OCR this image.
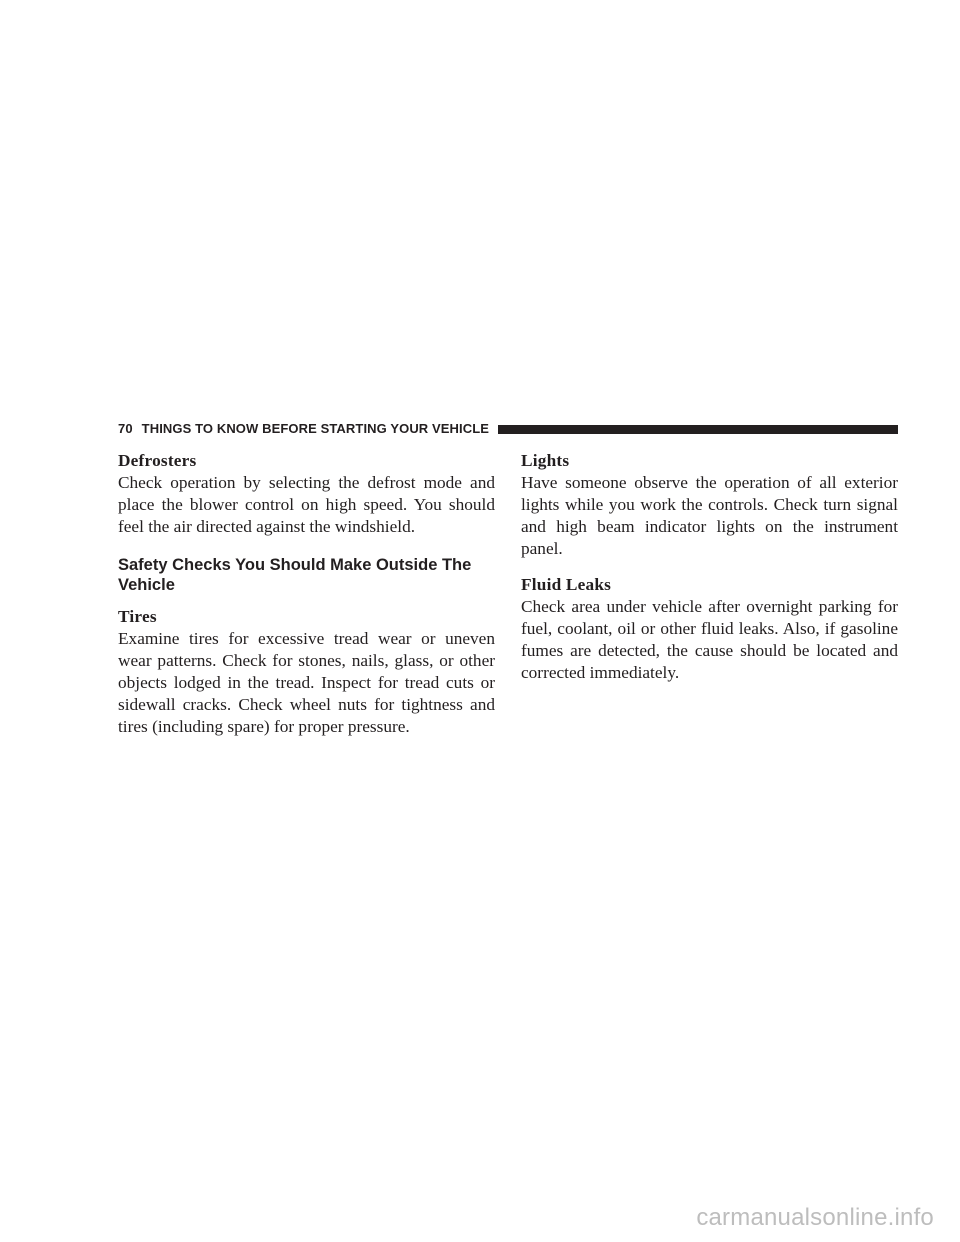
70 THINGS TO KNOW BEFORE STARTING YOUR VEHICLE
Defrosters

Check operation by selecting the defrost mode and place the blower control on high speed. You should feel the air directed against the windshield.

Safety Checks You Should Make Outside The Vehicle
Tires

Examine tires for excessive tread wear or uneven wear patterns. Check for stones, nails, glass, or other objects lodged in the tread. Inspect for tread cuts or sidewall cracks. Check wheel nuts for tightness and tires (including spare) for proper pressure.

Lights

Have someone observe the operation of all exterior lights while you work the controls. Check turn signal and high beam indicator lights on the instrument panel.

Fluid Leaks

Check area under vehicle after overnight parking for fuel, coolant, oil or other fluid leaks. Also, if gasoline fumes are detected, the cause should be located and corrected immediately.

carmanualsonline.info
